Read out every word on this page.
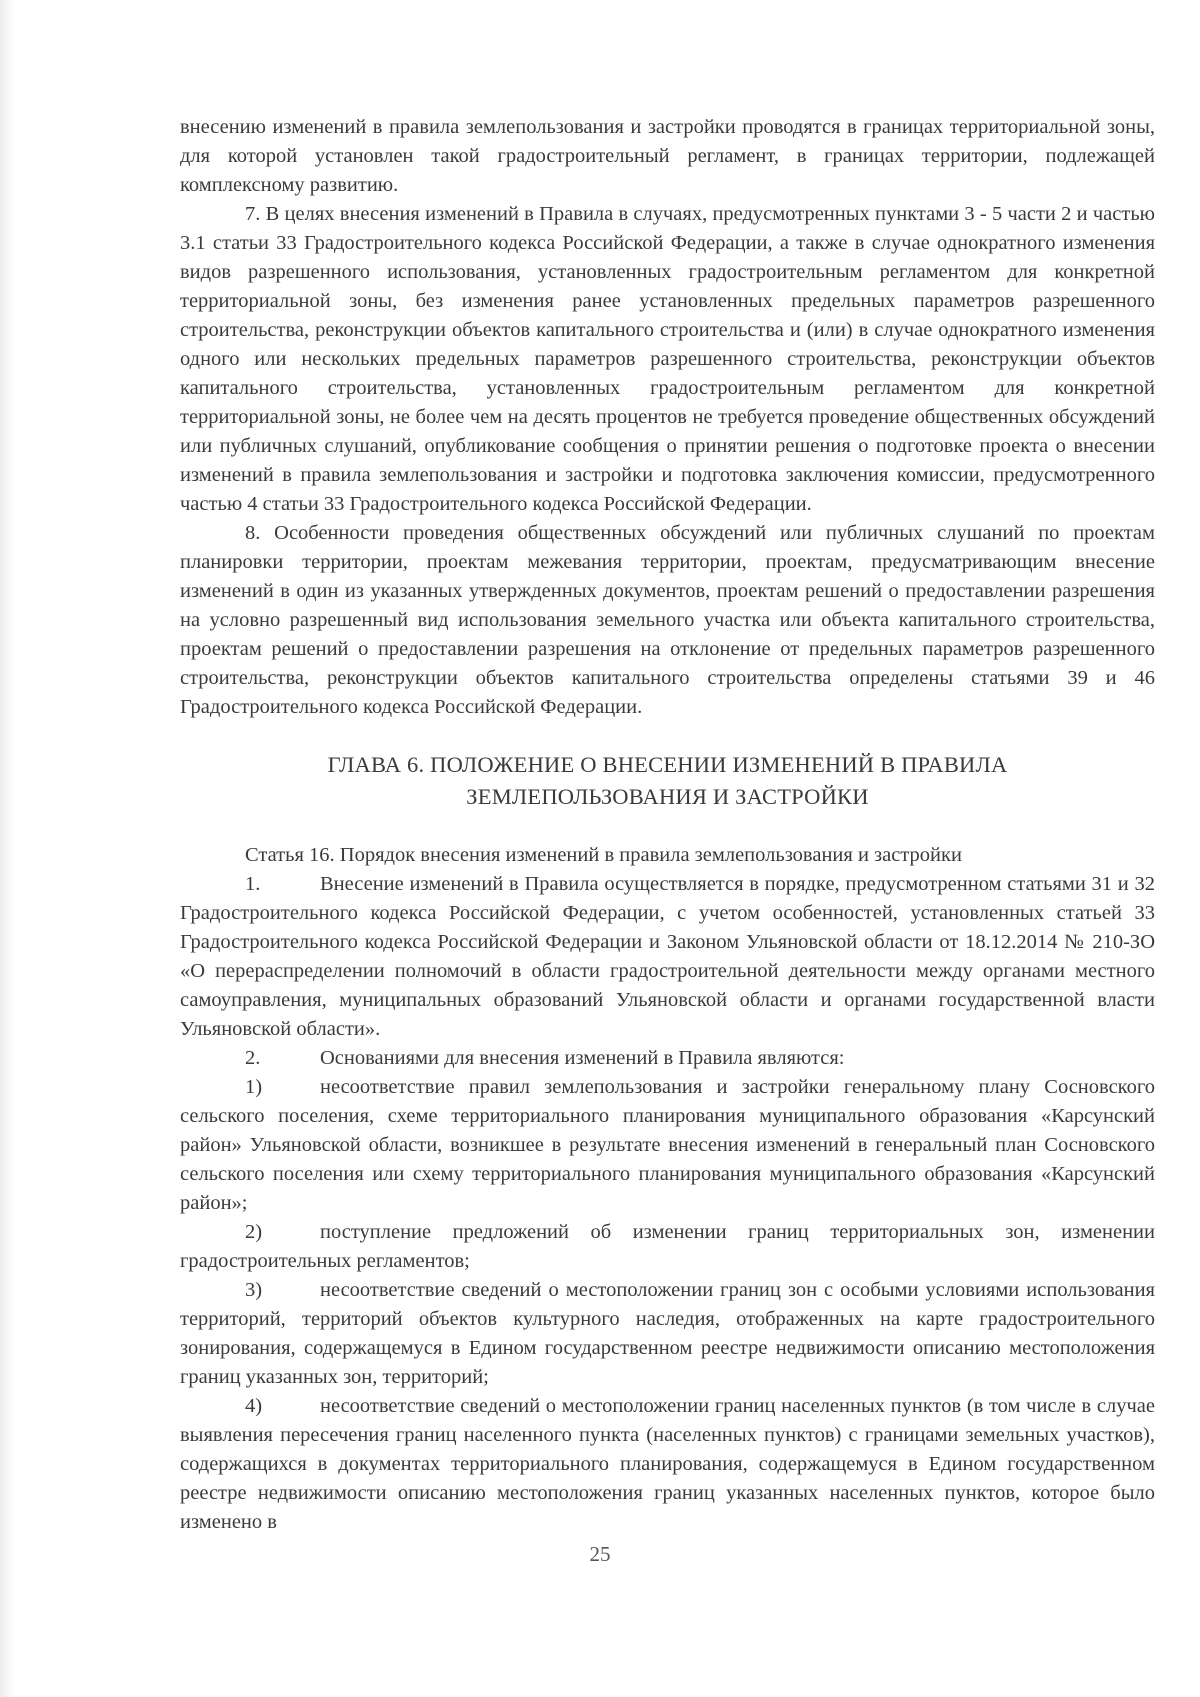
внесению изменений в правила землепользования и застройки проводятся в границах территориальной зоны, для которой установлен такой градостроительный регламент, в границах территории, подлежащей комплексному развитию.

7. В целях внесения изменений в Правила в случаях, предусмотренных пунктами 3 - 5 части 2 и частью 3.1 статьи 33 Градостроительного кодекса Российской Федерации, а также в случае однократного изменения видов разрешенного использования, установленных градостроительным регламентом для конкретной территориальной зоны, без изменения ранее установленных предельных параметров разрешенного строительства, реконструкции объектов капитального строительства и (или) в случае однократного изменения одного или нескольких предельных параметров разрешенного строительства, реконструкции объектов капитального строительства, установленных градостроительным регламентом для конкретной территориальной зоны, не более чем на десять процентов не требуется проведение общественных обсуждений или публичных слушаний, опубликование сообщения о принятии решения о подготовке проекта о внесении изменений в правила землепользования и застройки и подготовка заключения комиссии, предусмотренного частью 4 статьи 33 Градостроительного кодекса Российской Федерации.

8. Особенности проведения общественных обсуждений или публичных слушаний по проектам планировки территории, проектам межевания территории, проектам, предусматривающим внесение изменений в один из указанных утвержденных документов, проектам решений о предоставлении разрешения на условно разрешенный вид использования земельного участка или объекта капитального строительства, проектам решений о предоставлении разрешения на отклонение от предельных параметров разрешенного строительства, реконструкции объектов капитального строительства определены статьями 39 и 46 Градостроительного кодекса Российской Федерации.

ГЛАВА 6. ПОЛОЖЕНИЕ О ВНЕСЕНИИ ИЗМЕНЕНИЙ В ПРАВИЛА
ЗЕМЛЕПОЛЬЗОВАНИЯ И ЗАСТРОЙКИ

Статья 16. Порядок внесения изменений в правила землепользования и застройки

1.	Внесение изменений в Правила осуществляется в порядке, предусмотренном статьями 31 и 32 Градостроительного кодекса Российской Федерации, с учетом особенностей, установленных статьей 33 Градостроительного кодекса Российской Федерации и Законом Ульяновской области от 18.12.2014 № 210-ЗО «О перераспределении полномочий в области градостроительной деятельности между органами местного самоуправления, муниципальных образований Ульяновской области и органами государственной власти Ульяновской области».

2.	Основаниями для внесения изменений в Правила являются:

1)	несоответствие правил землепользования и застройки генеральному плану Сосновского сельского поселения, схеме территориального планирования муниципального образования «Карсунский район» Ульяновской области, возникшее в результате внесения изменений в генеральный план Сосновского сельского поселения или схему территориального планирования муниципального образования «Карсунский район»;

2)	поступление предложений об изменении границ территориальных зон, изменении градостроительных регламентов;

3)	несоответствие сведений о местоположении границ зон с особыми условиями использования территорий, территорий объектов культурного наследия, отображенных на карте градостроительного зонирования, содержащемуся в Едином государственном реестре недвижимости описанию местоположения границ указанных зон, территорий;

4)	несоответствие сведений о местоположении границ населенных пунктов (в том числе в случае выявления пересечения границ населенного пункта (населенных пунктов) с границами земельных участков), содержащихся в документах территориального планирования, содержащемуся в Едином государственном реестре недвижимости описанию местоположения границ указанных населенных пунктов, которое было изменено в

25
